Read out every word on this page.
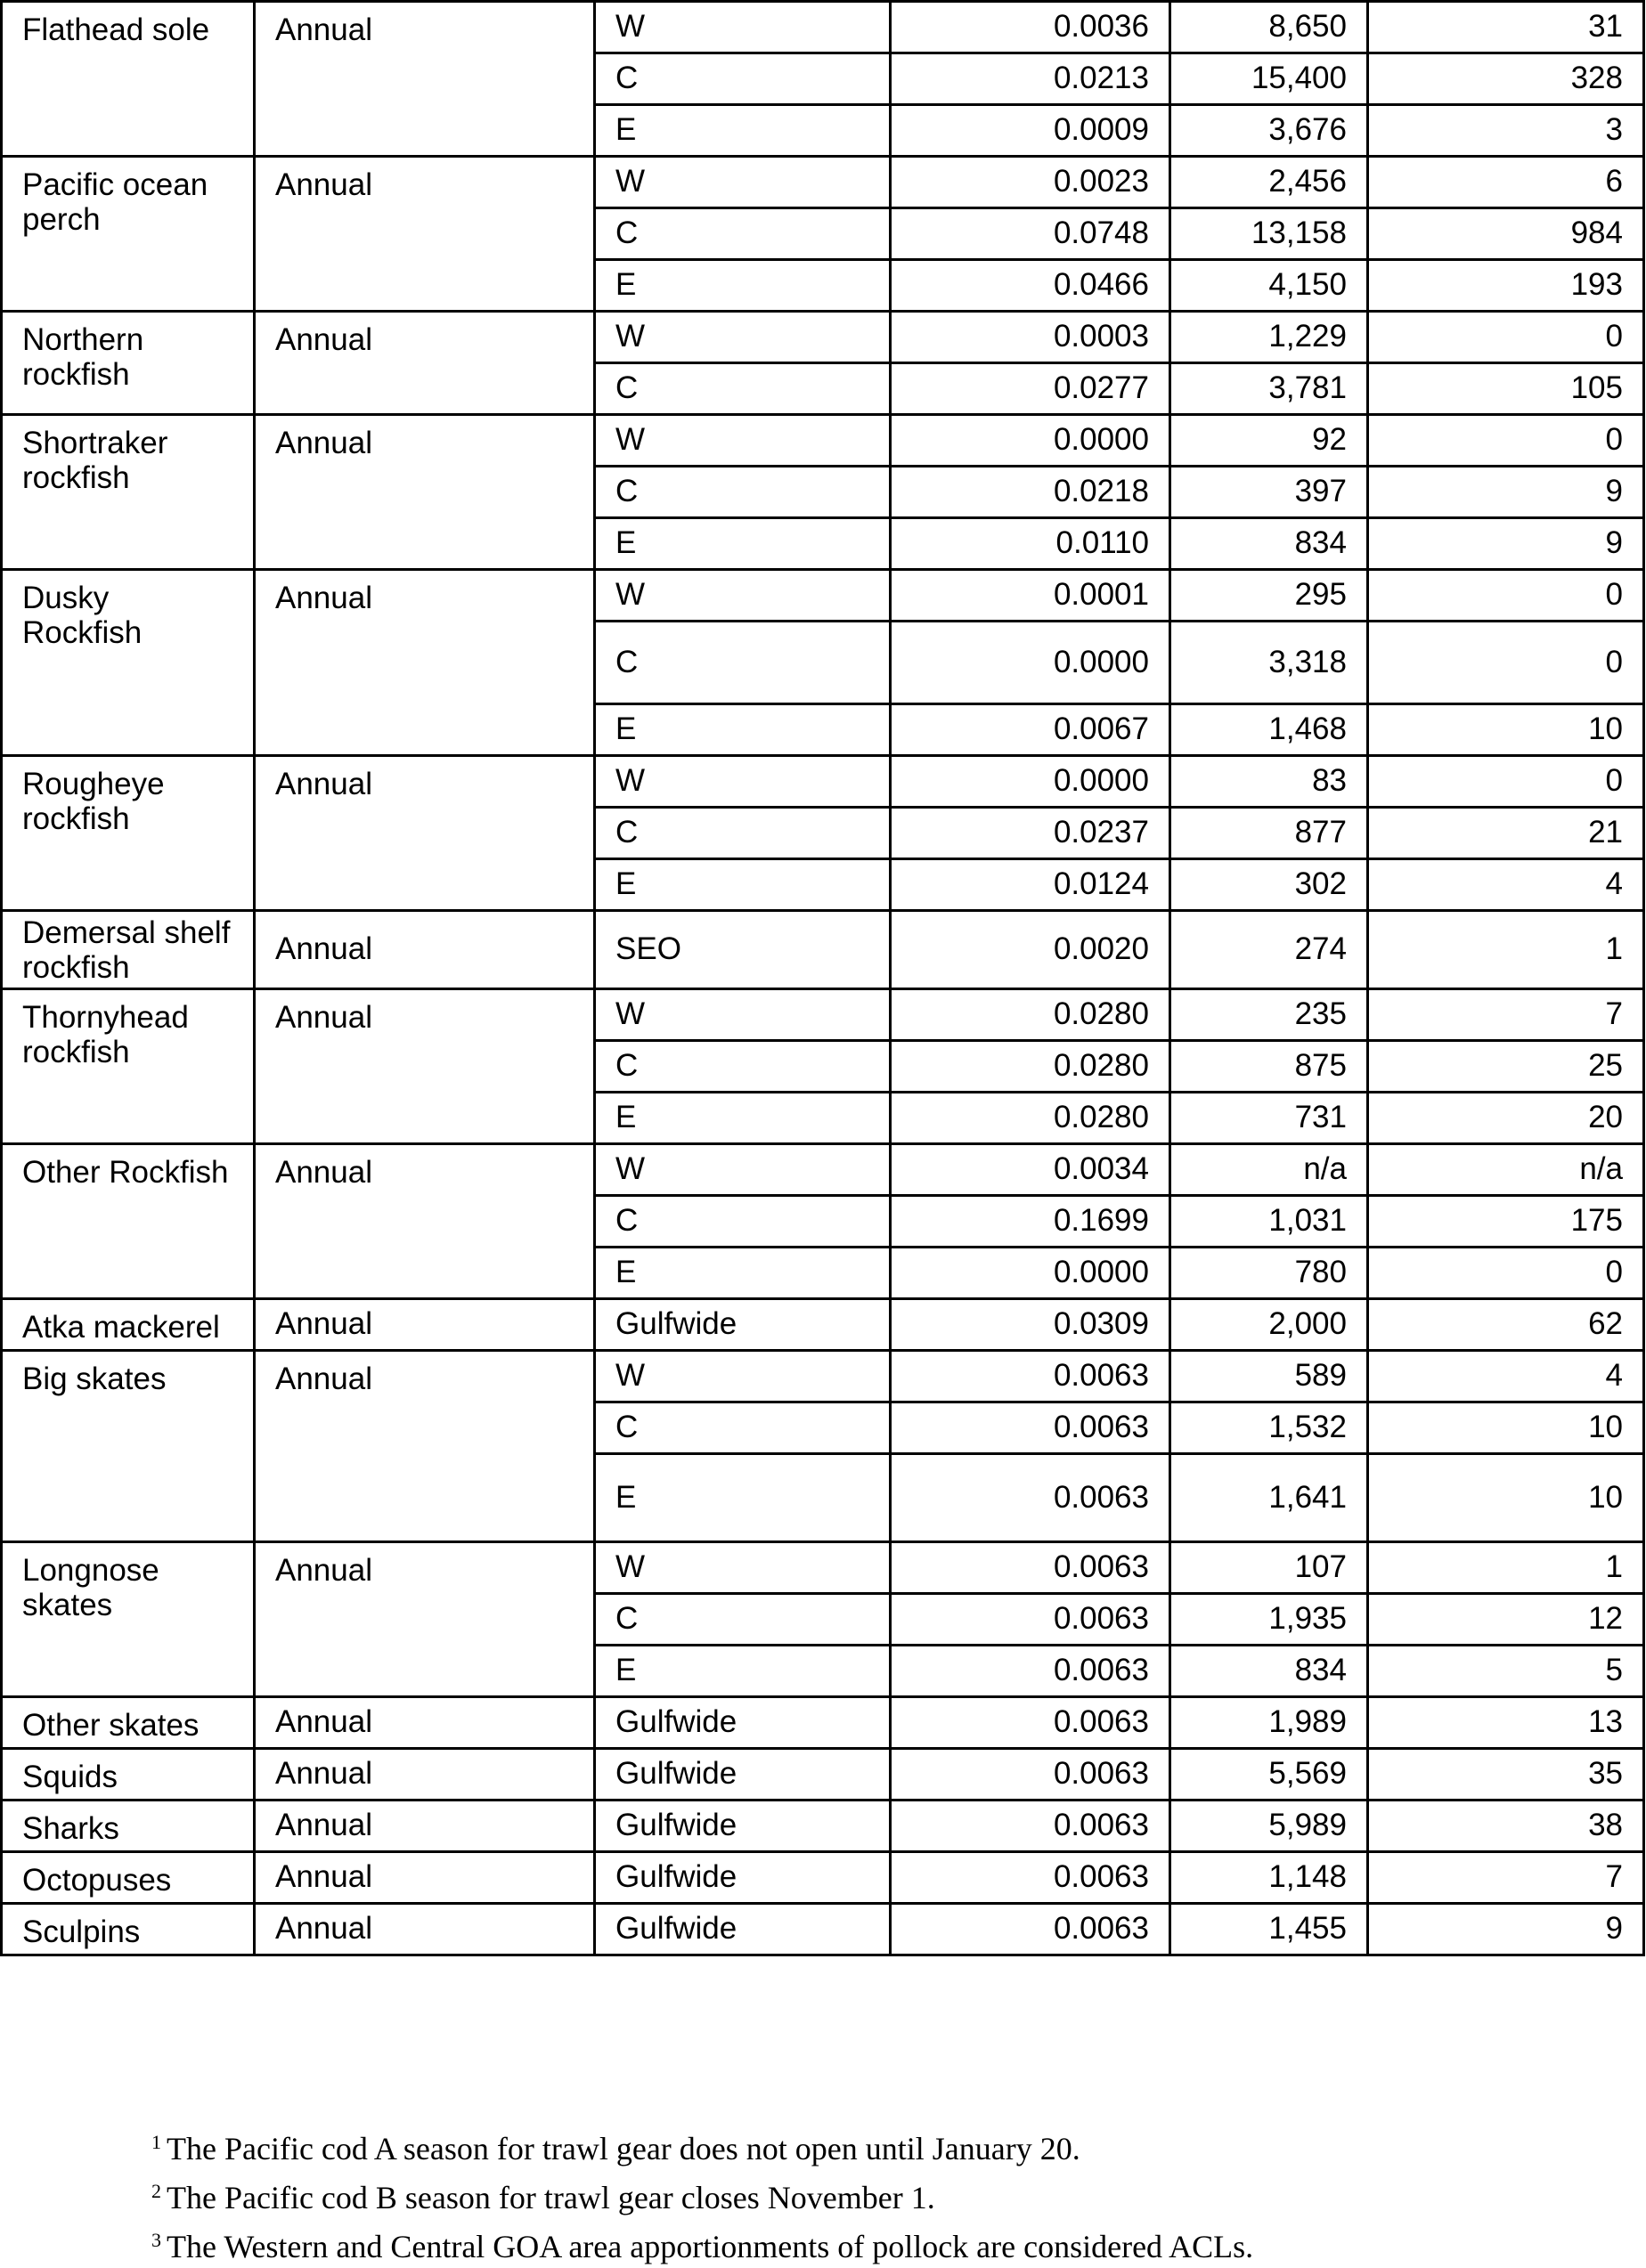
Flathead sole	Annual	W	0.0036	8,650	31
		C	0.0213	15,400	328
		E	0.0009	3,676	3
Pacific ocean perch	Annual	W	0.0023	2,456	6
		C	0.0748	13,158	984
		E	0.0466	4,150	193
Northern rockfish	Annual	W	0.0003	1,229	0
		C	0.0277	3,781	105
Shortraker rockfish	Annual	W	0.0000	92	0
		C	0.0218	397	9
		E	0.0110	834	9
Dusky Rockfish	Annual	W	0.0001	295	0
		C	0.0000	3,318	0
		E	0.0067	1,468	10
Rougheye rockfish	Annual	W	0.0000	83	0
		C	0.0237	877	21
		E	0.0124	302	4
Demersal shelf rockfish	Annual	SEO	0.0020	274	1
Thornyhead rockfish	Annual	W	0.0280	235	7
		C	0.0280	875	25
		E	0.0280	731	20
Other Rockfish	Annual	W	0.0034	n/a	n/a
		C	0.1699	1,031	175
		E	0.0000	780	0
Atka mackerel	Annual	Gulfwide	0.0309	2,000	62
Big skates	Annual	W	0.0063	589	4
		C	0.0063	1,532	10
		E	0.0063	1,641	10
Longnose skates	Annual	W	0.0063	107	1
		C	0.0063	1,935	12
		E	0.0063	834	5
Other skates	Annual	Gulfwide	0.0063	1,989	13
Squids	Annual	Gulfwide	0.0063	5,569	35
Sharks	Annual	Gulfwide	0.0063	5,989	38
Octopuses	Annual	Gulfwide	0.0063	1,148	7
Sculpins	Annual	Gulfwide	0.0063	1,455	9
$^1$ The Pacific cod A season for trawl gear does not open until January 20.
$^2$ The Pacific cod B season for trawl gear closes November 1.
$^3$ The Western and Central GOA area apportionments of pollock are considered ACLs.
